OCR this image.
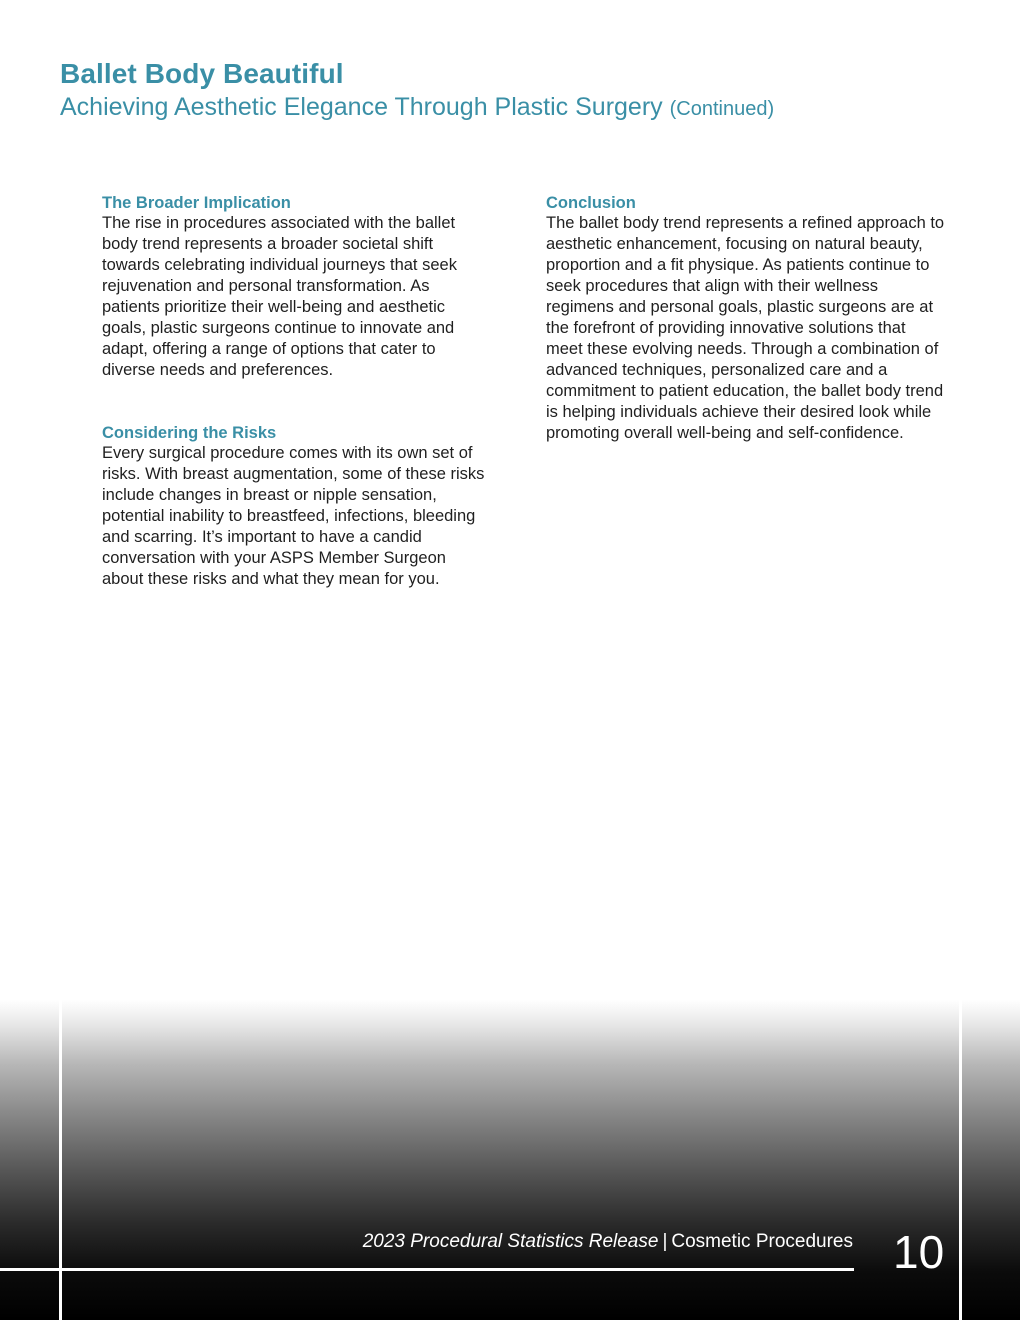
Ballet Body Beautiful
Achieving Aesthetic Elegance Through Plastic Surgery (Continued)
The Broader Implication

The rise in procedures associated with the ballet body trend represents a broader societal shift towards celebrating individual journeys that seek rejuvenation and personal transformation. As patients prioritize their well-being and aesthetic goals, plastic surgeons continue to innovate and adapt, offering a range of options that cater to diverse needs and preferences.

Considering the Risks

Every surgical procedure comes with its own set of risks. With breast augmentation, some of these risks include changes in breast or nipple sensation, potential inability to breastfeed, infections, bleeding and scarring. It’s important to have a candid conversation with your ASPS Member Surgeon about these risks and what they mean for you.

Conclusion

The ballet body trend represents a refined approach to aesthetic enhancement, focusing on natural beauty, proportion and a fit physique. As patients continue to seek procedures that align with their wellness regimens and personal goals, plastic surgeons are at the forefront of providing innovative solutions that meet these evolving needs. Through a combination of advanced techniques, personalized care and a commitment to patient education, the ballet body trend is helping individuals achieve their desired look while promoting overall well-being and self-confidence.

2023 Procedural Statistics Release | Cosmetic Procedures 10
